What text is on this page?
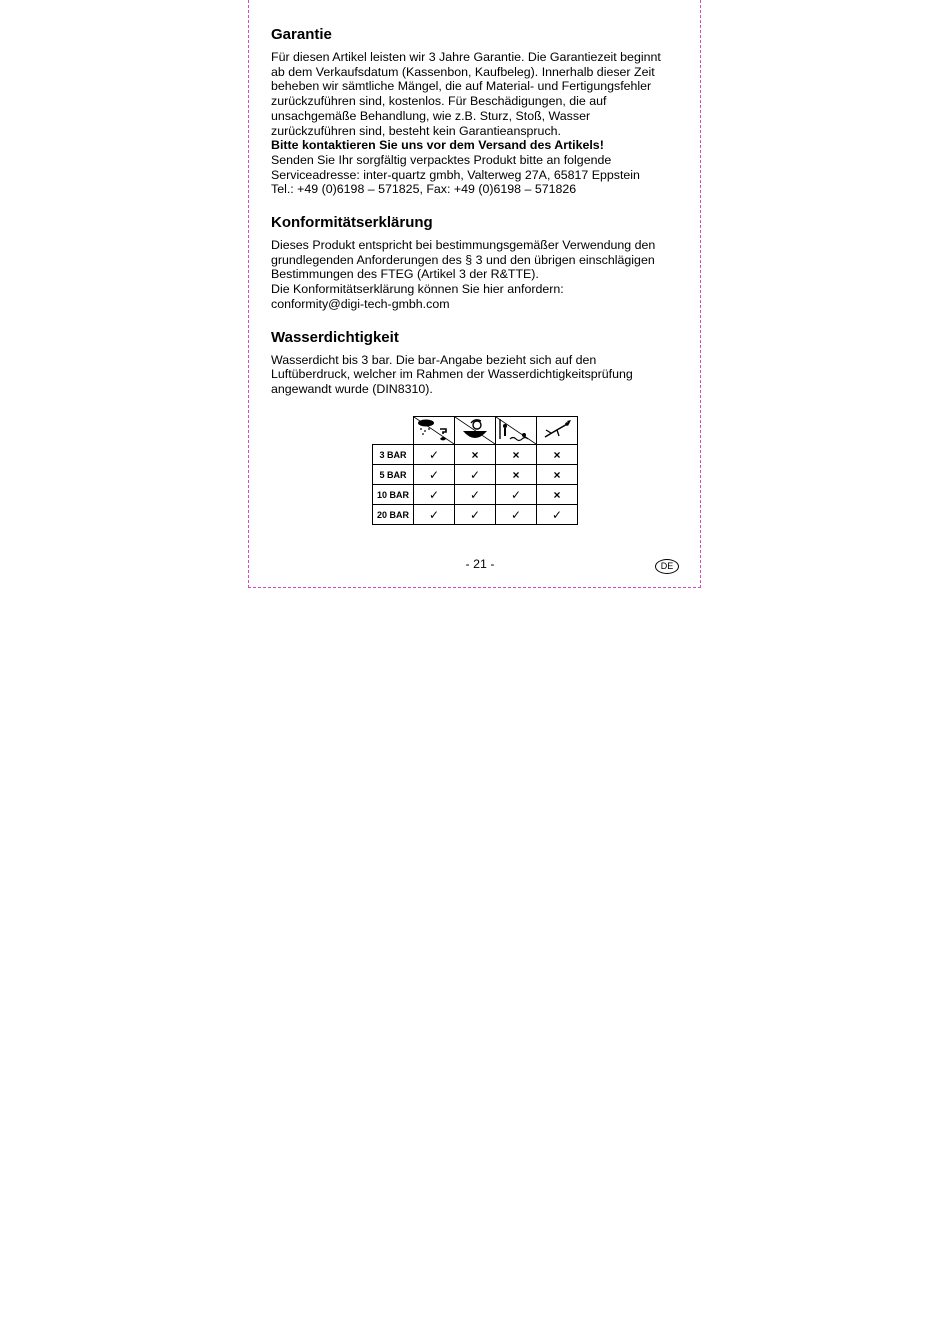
Garantie
Für diesen Artikel leisten wir 3 Jahre Garantie. Die Garantiezeit beginnt
ab dem Verkaufsdatum (Kassenbon, Kaufbeleg). Innerhalb dieser Zeit
beheben wir sämtliche Mängel, die auf Material- und Fertigungsfehler
zurückzuführen sind, kostenlos. Für Beschädigungen, die auf
unsachgemäße Behandlung, wie z.B. Sturz, Stoß, Wasser
zurückzuführen sind, besteht kein Garantieanspruch.
Bitte kontaktieren Sie uns vor dem Versand des Artikels!
Senden Sie Ihr sorgfältig verpacktes Produkt bitte an folgende
Serviceadresse: inter-quartz gmbh, Valterweg 27A, 65817 Eppstein
Tel.: +49 (0)6198 – 571825, Fax: +49 (0)6198 – 571826
Konformitätserklärung
Dieses Produkt entspricht bei bestimmungsgemäßer Verwendung den
grundlegenden Anforderungen des § 3 und den übrigen einschlägigen
Bestimmungen des FTEG (Artikel 3 der R&TTE).
Die Konformitätserklärung können Sie hier anfordern:
conformity@digi-tech-gmbh.com
Wasserdichtigkeit
Wasserdicht bis 3 bar. Die bar-Angabe bezieht sich auf den
Luftüberdruck, welcher im Rahmen der Wasserdichtigkeitsprüfung
angewandt wurde (DIN8310).

3 BAR	✓	×	×	×
5 BAR	✓	✓	×	×
10 BAR	✓	✓	✓	×
20 BAR	✓	✓	✓	✓
- 21 -	DE
